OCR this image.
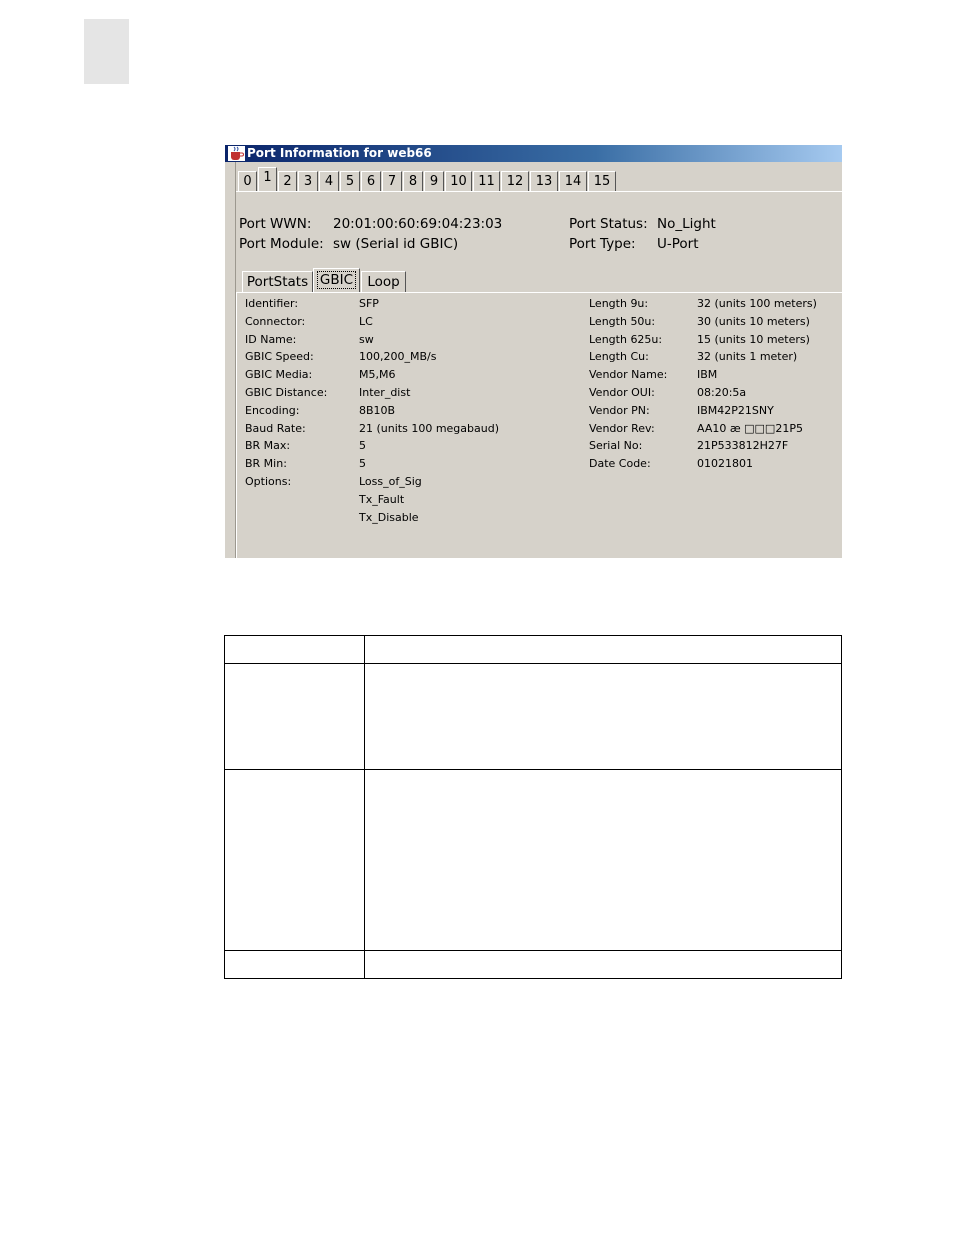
Port Information for web66
0 1 2 3 4 5 6 7 8 9 10 11 12 13 14 15
Port WWN: 20:01:00:60:69:04:23:03
Port Module: sw (Serial id GBIC)
Port Status: No_Light
Port Type: U-Port
PortStats GBIC	Loop
Identifier:	SFP
Connector:	LC
ID Name:	sw
GBIC Speed:	100,200_MB/s
GBIC Media:	M5,M6
GBIC Distance:	Inter_dist
Encoding:	8B10B
Baud Rate:	21 (units 100 megabaud)
BR Max:	5
BR Min:	5
Options:	Loss_of_Sig
Tx_Fault
Tx_Disable
Length 9u:	32 (units 100 meters)
Length 50u:	30 (units 10 meters)
Length 625u:	15 (units 10 meters)
Length Cu:	32 (units 1 meter)
Vendor Name:	IBM
Vendor OUI:	08:20:5a
Vendor PN:	IBM42P21SNY
Vendor Rev:	AA10 æ □□□21P5
Serial No:	21P533812H27F
Date Code:	01021801
